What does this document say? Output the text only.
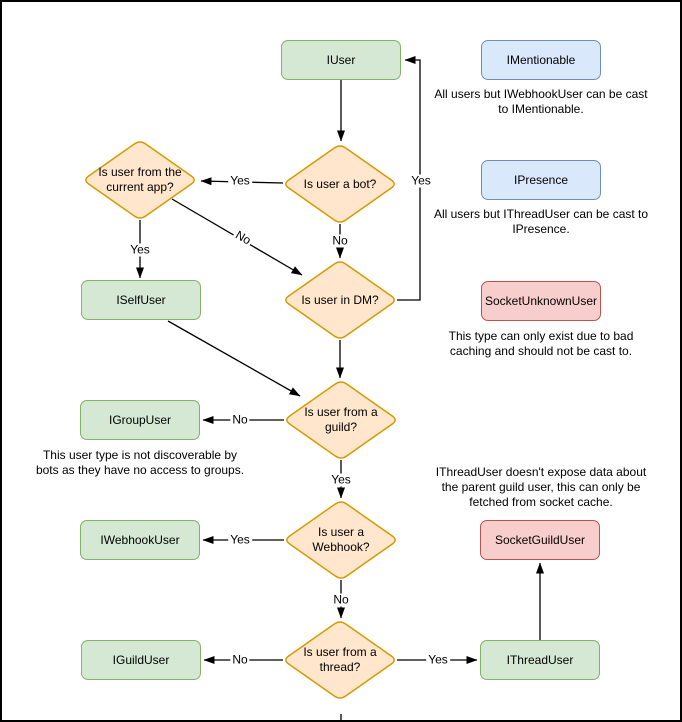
IUser	IMentionable
IPresence
SocketUnknownUser
ISelfUser
IGroupUser
IWebhookUser
IGuildUser
SocketGuildUser
IThreadUser
Is user a bot?
Is user from the current app?
Is user in DM?
Is user from a guild?
Is user a Webhook?
Is user from a thread?
All users but IWebhookUser can be cast to IMentionable.
All users but IThreadUser can be cast to IPresence.
This type can only exist due to bad caching and should not be cast to.
This user type is not discoverable by bots as they have no access to groups.	IThreadUser doesn't expose data about the parent guild user, this can only be fetched from socket cache.
Yes
Yes
No	No
Yes
No
Yes
Yes
No
No	Yes
